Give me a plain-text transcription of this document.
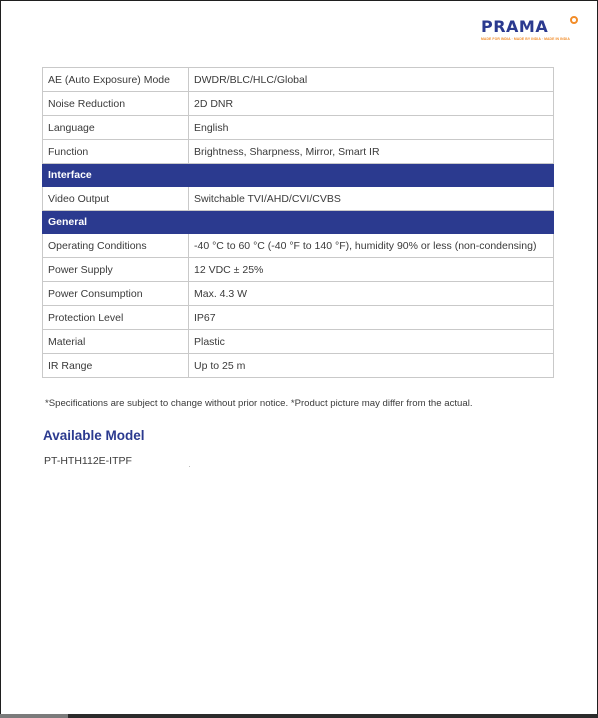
PRAMA
MADE FOR INDIA · MADE BY INDIA · MADE IN INDIA
AE (Auto Exposure) Mode	DWDR/BLC/HLC/Global
Noise Reduction	2D DNR
Language	English
Function	Brightness, Sharpness, Mirror, Smart IR
Interface	
Video Output	Switchable TVI/AHD/CVI/CVBS
General	
Operating Conditions	-40 °C to 60 °C (-40 °F to 140 °F), humidity 90% or less (non-condensing)
Power Supply	12 VDC ± 25%
Power Consumption	Max. 4.3 W
Protection Level	IP67
Material	Plastic
IR Range	Up to 25 m
*Specifications are subject to change without prior notice. *Product picture may differ from the actual.
Available Model
PT-HTH112E-ITPF
